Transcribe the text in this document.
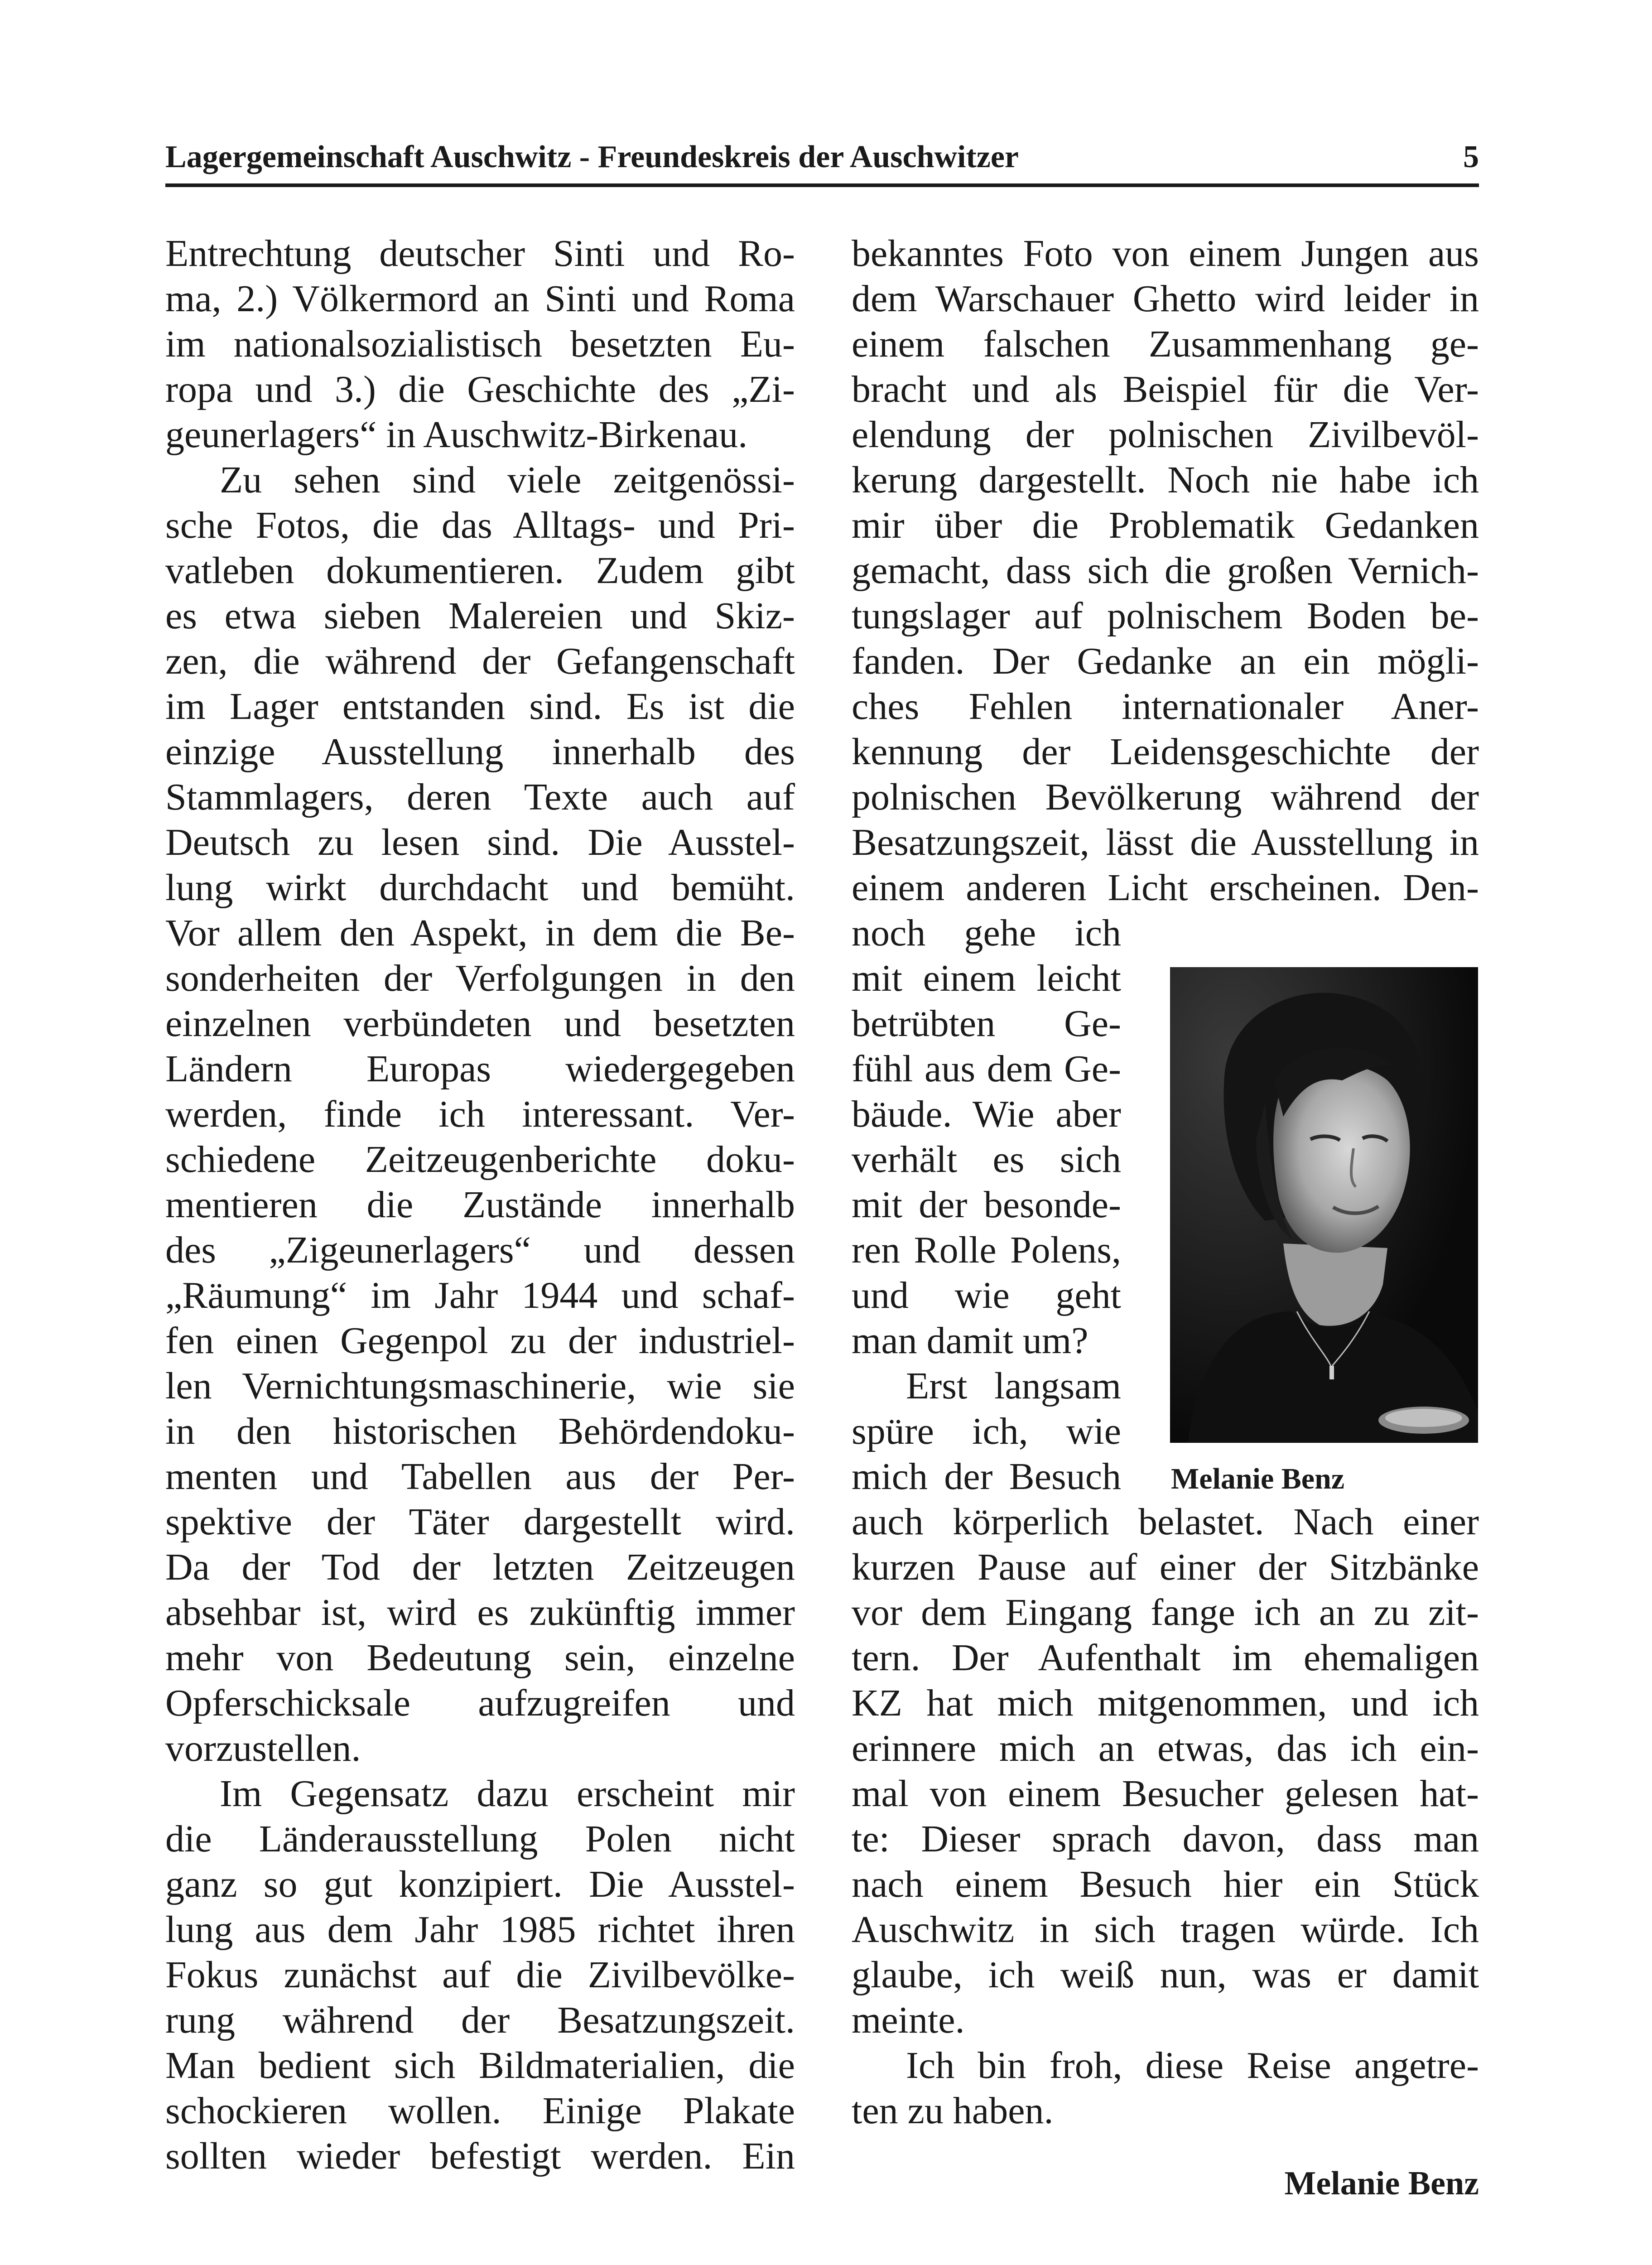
Lagergemeinschaft Auschwitz - Freundeskreis der Auschwitzer	5
Entrechtung deutscher Sinti und Ro-
ma, 2.) Völkermord an Sinti und Roma
im nationalsozialistisch besetzten Eu-
ropa und 3.) die Geschichte des „Zi-
geunerlagers“ in Auschwitz-Birkenau.
Zu sehen sind viele zeitgenössi-
sche Fotos, die das Alltags- und Pri-
vatleben dokumentieren. Zudem gibt
es etwa sieben Malereien und Skiz-
zen, die während der Gefangenschaft
im Lager entstanden sind. Es ist die
einzige Ausstellung innerhalb des
Stammlagers, deren Texte auch auf
Deutsch zu lesen sind. Die Ausstel-
lung wirkt durchdacht und bemüht.
Vor allem den Aspekt, in dem die Be-
sonderheiten der Verfolgungen in den
einzelnen verbündeten und besetzten
Ländern Europas wiedergegeben
werden, finde ich interessant. Ver-
schiedene Zeitzeugenberichte doku-
mentieren die Zustände innerhalb
des „Zigeunerlagers“ und dessen
„Räumung“ im Jahr 1944 und schaf-
fen einen Gegenpol zu der industriel-
len Vernichtungsmaschinerie, wie sie
in den historischen Behördendoku-
menten und Tabellen aus der Per-
spektive der Täter dargestellt wird.
Da der Tod der letzten Zeitzeugen
absehbar ist, wird es zukünftig immer
mehr von Bedeutung sein, einzelne
Opferschicksale aufzugreifen und
vorzustellen.
Im Gegensatz dazu erscheint mir
die Länderausstellung Polen nicht
ganz so gut konzipiert. Die Ausstel-
lung aus dem Jahr 1985 richtet ihren
Fokus zunächst auf die Zivilbevölke-
rung während der Besatzungszeit.
Man bedient sich Bildmaterialien, die
schockieren wollen. Einige Plakate
sollten wieder befestigt werden. Ein
bekanntes Foto von einem Jungen aus
dem Warschauer Ghetto wird leider in
einem falschen Zusammenhang ge-
bracht und als Beispiel für die Ver-
elendung der polnischen Zivilbevöl-
kerung dargestellt. Noch nie habe ich
mir über die Problematik Gedanken
gemacht, dass sich die großen Vernich-
tungslager auf polnischem Boden be-
fanden. Der Gedanke an ein mögli-
ches Fehlen internationaler Aner-
kennung der Leidensgeschichte der
polnischen Bevölkerung während der
Besatzungszeit, lässt die Ausstellung in
einem anderen Licht erscheinen. Den-
noch gehe ich
mit einem leicht
betrübten Ge-
fühl aus dem Ge-
bäude. Wie aber
verhält es sich
mit der besonde-
ren Rolle Polens,
und wie geht
man damit um?
Erst langsam
spüre ich, wie
mich der Besuch
auch körperlich belastet. Nach einer
kurzen Pause auf einer der Sitzbänke
vor dem Eingang fange ich an zu zit-
tern. Der Aufenthalt im ehemaligen
KZ hat mich mitgenommen, und ich
erinnere mich an etwas, das ich ein-
mal von einem Besucher gelesen hat-
te: Dieser sprach davon, dass man
nach einem Besuch hier ein Stück
Auschwitz in sich tragen würde. Ich
glaube, ich weiß nun, was er damit
meinte.
Ich bin froh, diese Reise angetre-
ten zu haben.
Melanie Benz
Melanie Benz
